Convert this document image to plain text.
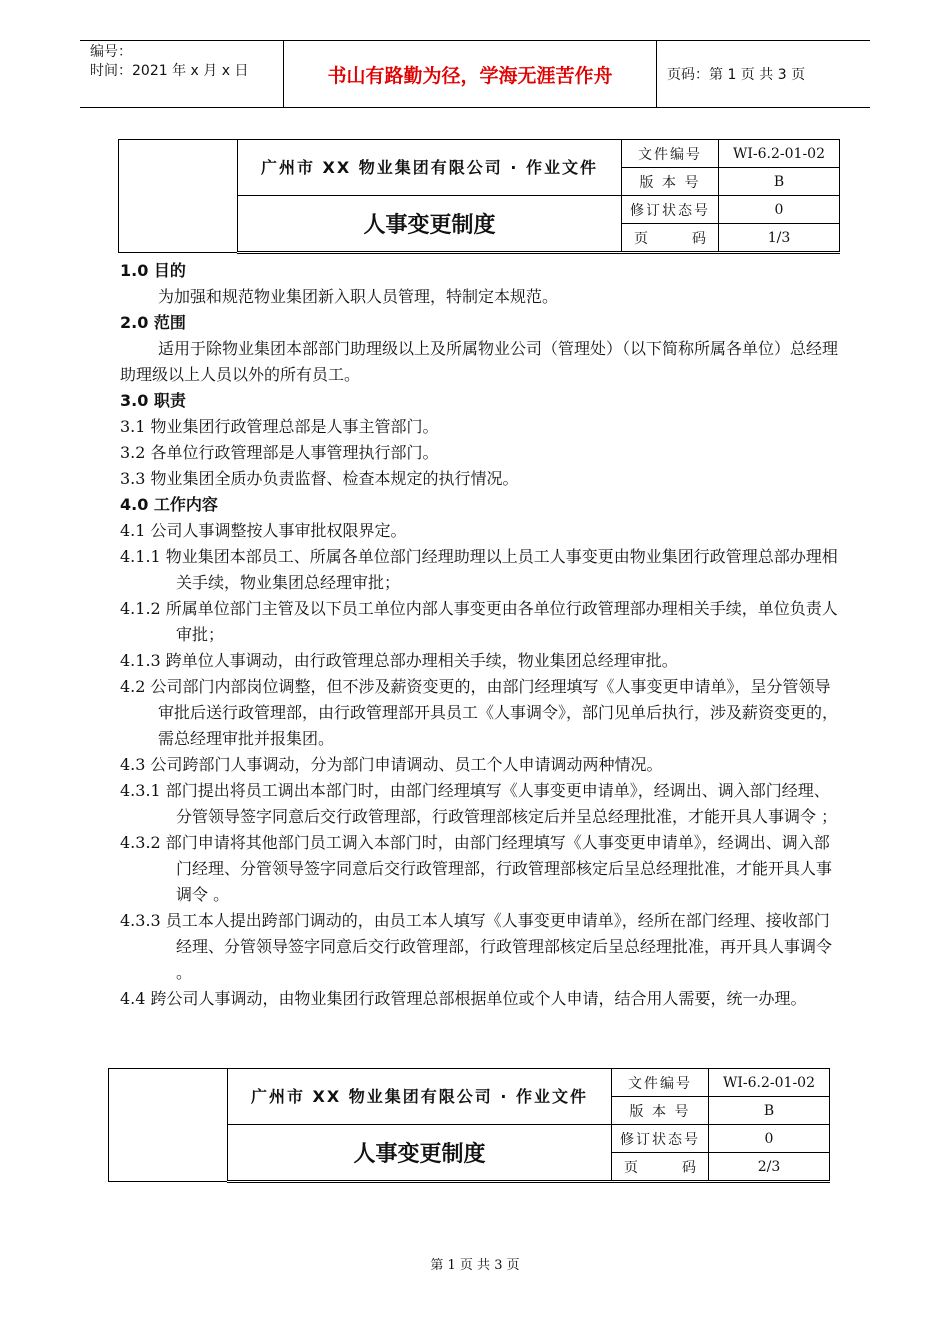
编号：
时间：2021 年 x 月 x 日	书山有路勤为径，学海无涯苦作舟	页码：第 1 页 共 3 页
	广州市 XX 物业集团有限公司 · 作业文件	文件编号	WI-6.2-01-02
		版 本 号	B
	人事变更制度	修订状态号	0
		页 码	1/3

1.0 目的

为加强和规范物业集团新入职人员管理，特制定本规范。

2.0 范围

适用于除物业集团本部部门助理级以上及所属物业公司（管理处）（以下简称所属各单位）总经理助理级以上人员以外的所有员工。

3.0 职责

3.1 物业集团行政管理总部是人事主管部门。

3.2 各单位行政管理部是人事管理执行部门。

3.3 物业集团全质办负责监督、检查本规定的执行情况。

4.0 工作内容

4.1 公司人事调整按人事审批权限界定。

4.1.1 物业集团本部员工、所属各单位部门经理助理以上员工人事变更由物业集团行政管理总部办理相关手续，物业集团总经理审批；

4.1.2 所属单位部门主管及以下员工单位内部人事变更由各单位行政管理部办理相关手续，单位负责人审批；

4.1.3 跨单位人事调动，由行政管理总部办理相关手续，物业集团总经理审批。

4.2 公司部门内部岗位调整，但不涉及薪资变更的，由部门经理填写《人事变更申请单》，呈分管领导审批后送行政管理部，由行政管理部开具员工《人事调令》，部门见单后执行，涉及薪资变更的，需总经理审批并报集团。

4.3 公司跨部门人事调动，分为部门申请调动、员工个人申请调动两种情况。

4.3.1 部门提出将员工调出本部门时，由部门经理填写《人事变更申请单》，经调出、调入部门经理、分管领导签字同意后交行政管理部，行政管理部核定后并呈总经理批准，才能开具人事调令 ；

4.3.2 部门申请将其他部门员工调入本部门时，由部门经理填写《人事变更申请单》，经调出、调入部门经理、分管领导签字同意后交行政管理部，行政管理部核定后呈总经理批准，才能开具人事调令 。

4.3.3 员工本人提出跨部门调动的，由员工本人填写《人事变更申请单》，经所在部门经理、接收部门经理、分管领导签字同意后交行政管理部，行政管理部核定后呈总经理批准，再开具人事调令 。

4.4 跨公司人事调动，由物业集团行政管理总部根据单位或个人申请，结合用人需要，统一办理。

	广州市 XX 物业集团有限公司 · 作业文件	文件编号	WI-6.2-01-02
		版 本 号	B
	人事变更制度	修订状态号	0
		页 码	2/3
第 1 页 共 3 页
